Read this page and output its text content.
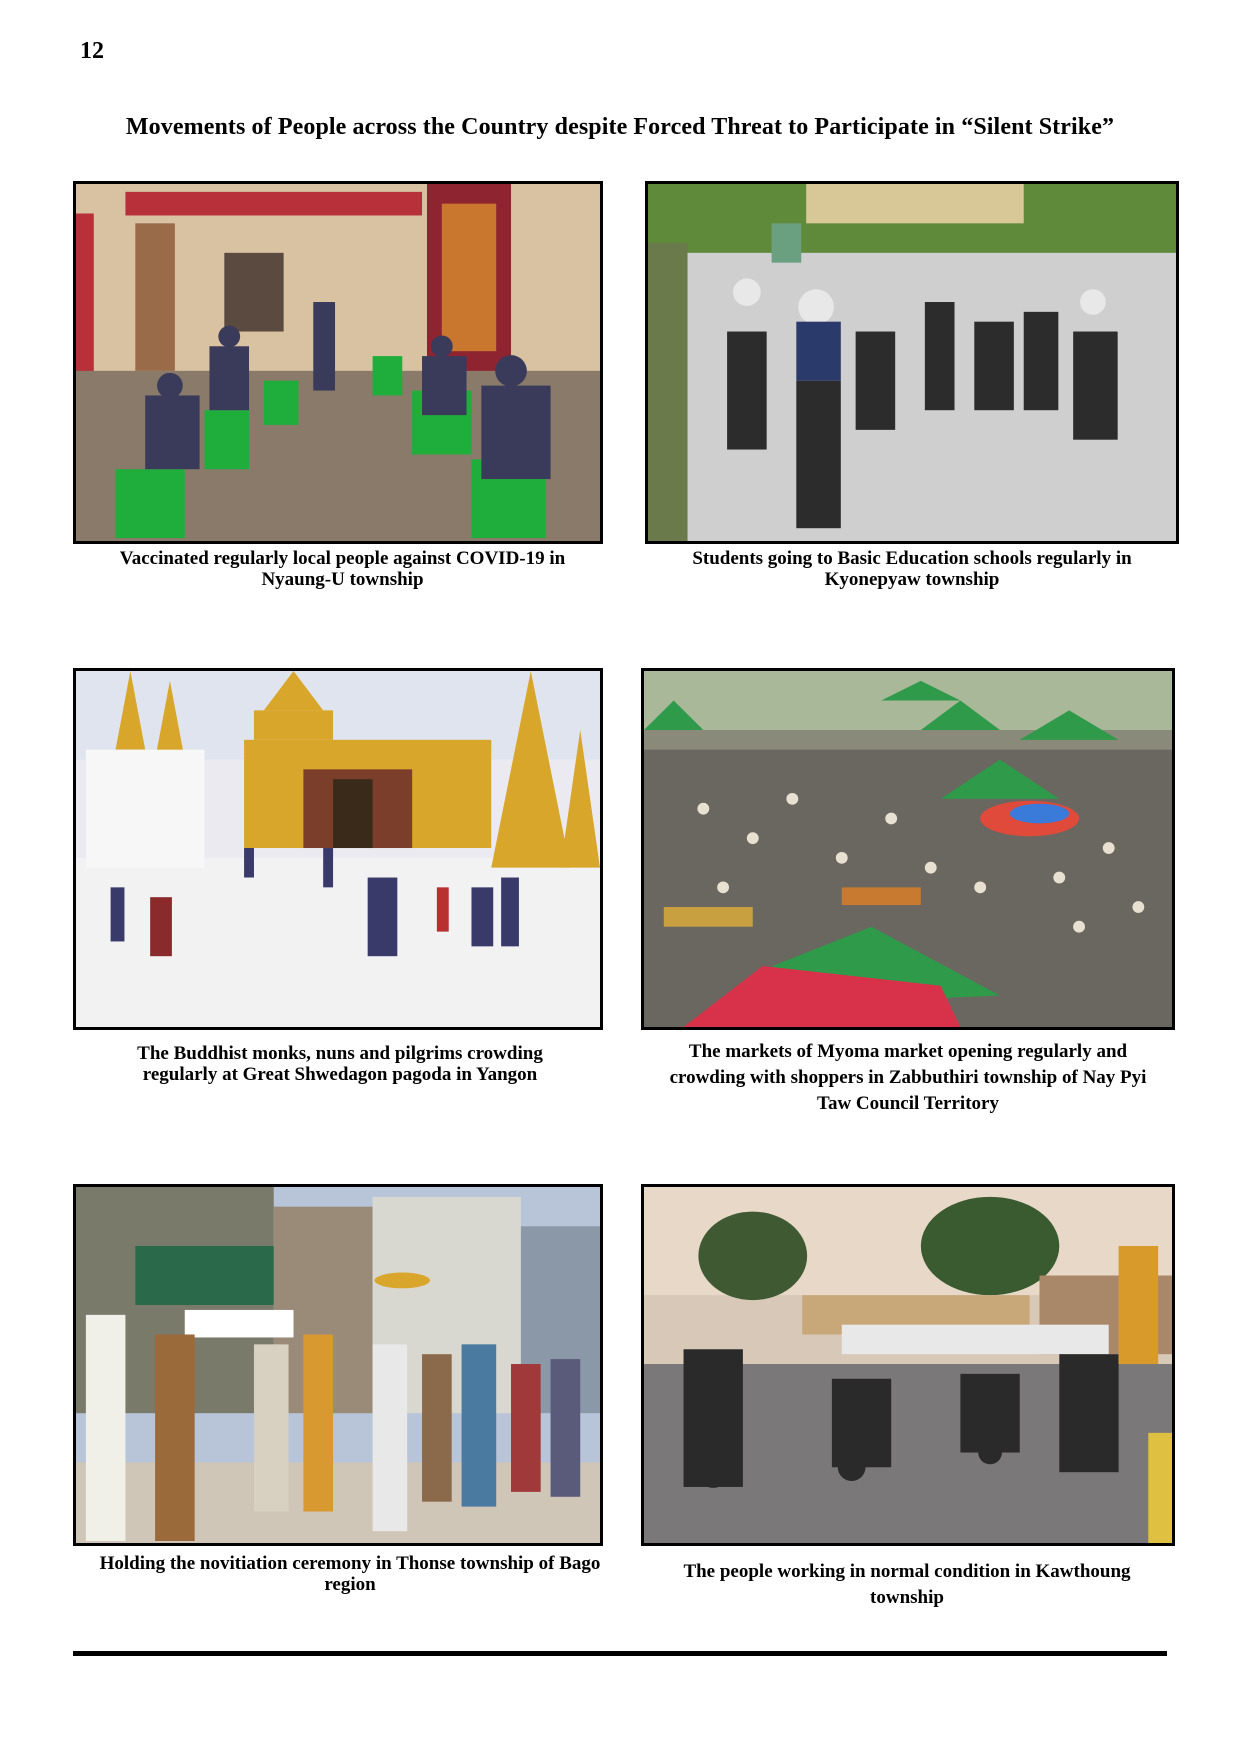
12
Movements of People across the Country despite Forced Threat to Participate in “Silent Strike”
Vaccinated regularly local people against COVID-19 in Nyaung-U township
Students going to Basic Education schools regularly in Kyonepyaw township
The Buddhist monks, nuns and pilgrims crowding regularly at Great Shwedagon pagoda in Yangon
The markets of Myoma market opening regularly and crowding with shoppers in Zabbuthiri township of Nay Pyi Taw Council Territory
Holding the novitiation ceremony in Thonse township of Bago region
The people working in normal condition in Kawthoung township
